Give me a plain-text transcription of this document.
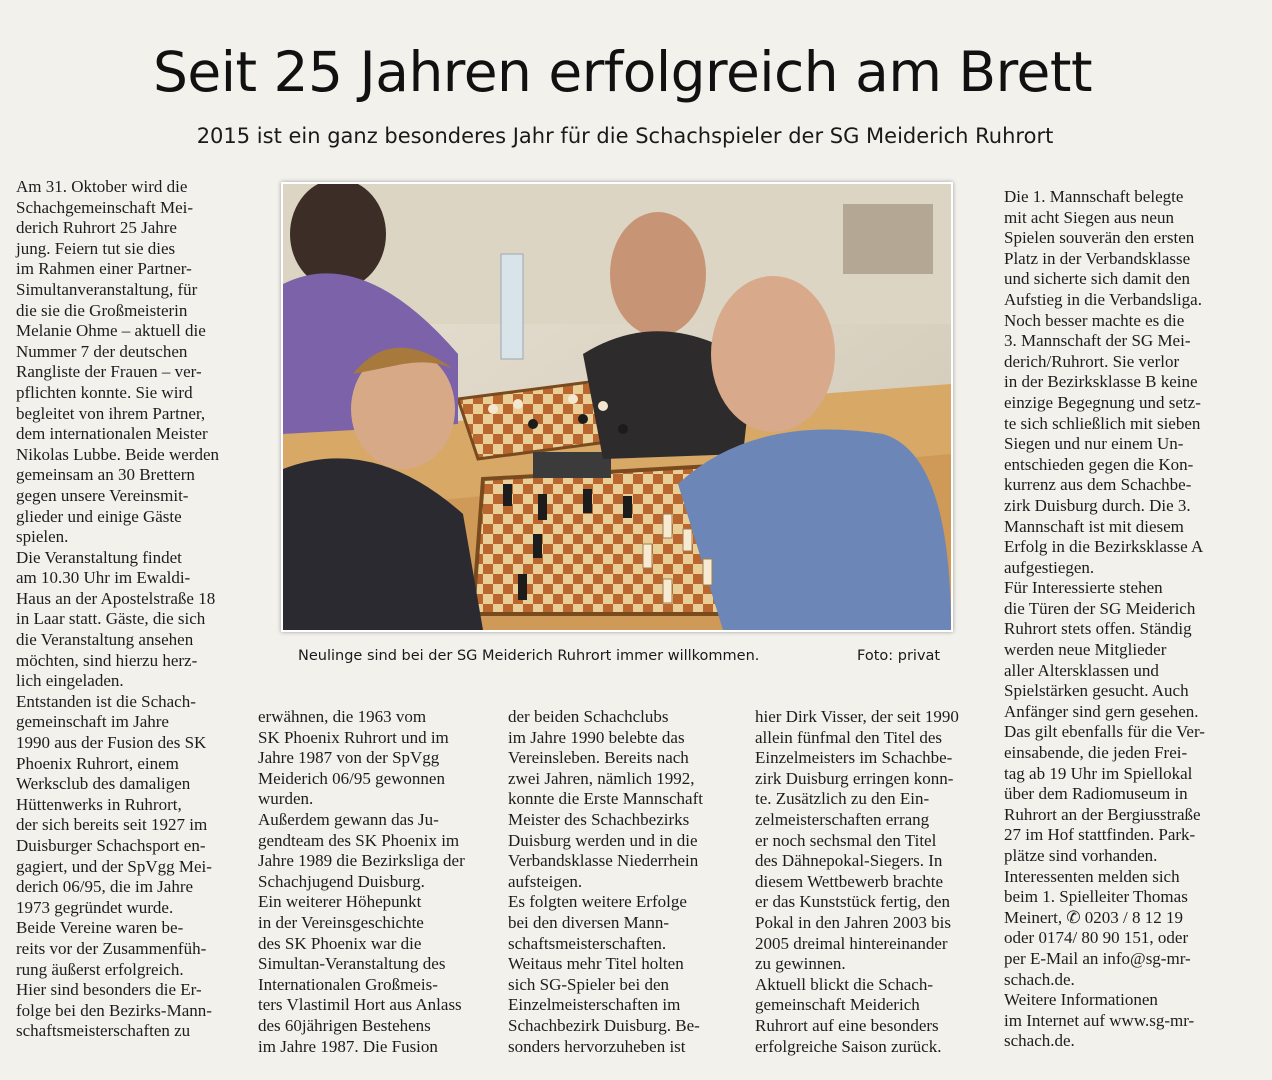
Seit 25 Jahren erfolgreich am Brett
2015 ist ein ganz besonderes Jahr für die Schachspieler der SG Meiderich Ruhrort

Am 31. Oktober wird die
Schachgemeinschaft Mei-
derich Ruhrort 25 Jahre
jung. Feiern tut sie dies
im Rahmen einer Partner-
Simultanveranstaltung, für
die sie die Großmeisterin
Melanie Ohme – aktuell die
Nummer 7 der deutschen
Rangliste der Frauen – ver-
pflichten konnte. Sie wird
begleitet von ihrem Partner,
dem internationalen Meister
Nikolas Lubbe. Beide werden
gemeinsam an 30 Brettern
gegen unsere Vereinsmit-
glieder und einige Gäste
spielen.
Die Veranstaltung findet
am 10.30 Uhr im Ewaldi-
Haus an der Apostelstraße 18
in Laar statt. Gäste, die sich
die Veranstaltung ansehen
möchten, sind hierzu herz-
lich eingeladen.
Entstanden ist die Schach-
gemeinschaft im Jahre
1990 aus der Fusion des SK
Phoenix Ruhrort, einem
Werksclub des damaligen
Hüttenwerks in Ruhrort,
der sich bereits seit 1927 im
Duisburger Schachsport en-
gagiert, und der SpVgg Mei-
derich 06/95, die im Jahre
1973 gegründet wurde.
Beide Vereine waren be-
reits vor der Zusammenfüh-
rung äußerst erfolgreich.
Hier sind besonders die Er-
folge bei den Bezirks-Mann-
schaftsmeisterschaften zu

Neulinge sind bei der SG Meiderich Ruhrort immer willkommen.	Foto: privat

erwähnen, die 1963 vom
SK Phoenix Ruhrort und im
Jahre 1987 von der SpVgg
Meiderich 06/95 gewonnen
wurden.
Außerdem gewann das Ju-
gendteam des SK Phoenix im
Jahre 1989 die Bezirksliga der
Schachjugend Duisburg.
Ein weiterer Höhepunkt
in der Vereinsgeschichte
des SK Phoenix war die
Simultan-Veranstaltung des
Internationalen Großmeis-
ters Vlastimil Hort aus Anlass
des 60jährigen Bestehens
im Jahre 1987. Die Fusion

der beiden Schachclubs
im Jahre 1990 belebte das
Vereinsleben. Bereits nach
zwei Jahren, nämlich 1992,
konnte die Erste Mannschaft
Meister des Schachbezirks
Duisburg werden und in die
Verbandsklasse Niederrhein
aufsteigen.
Es folgten weitere Erfolge
bei den diversen Mann-
schaftsmeisterschaften.
Weitaus mehr Titel holten
sich SG-Spieler bei den
Einzelmeisterschaften im
Schachbezirk Duisburg. Be-
sonders hervorzuheben ist

hier Dirk Visser, der seit 1990
allein fünfmal den Titel des
Einzelmeisters im Schachbe-
zirk Duisburg erringen konn-
te. Zusätzlich zu den Ein-
zelmeisterschaften errang
er noch sechsmal den Titel
des Dähnepokal-Siegers. In
diesem Wettbewerb brachte
er das Kunststück fertig, den
Pokal in den Jahren 2003 bis
2005 dreimal hintereinander
zu gewinnen.
Aktuell blickt die Schach-
gemeinschaft Meiderich
Ruhrort auf eine besonders
erfolgreiche Saison zurück.

Die 1. Mannschaft belegte
mit acht Siegen aus neun
Spielen souverän den ersten
Platz in der Verbandsklasse
und sicherte sich damit den
Aufstieg in die Verbandsliga.
Noch besser machte es die
3. Mannschaft der SG Mei-
derich/Ruhrort. Sie verlor
in der Bezirksklasse B keine
einzige Begegnung und setz-
te sich schließlich mit sieben
Siegen und nur einem Un-
entschieden gegen die Kon-
kurrenz aus dem Schachbe-
zirk Duisburg durch. Die 3.
Mannschaft ist mit diesem
Erfolg in die Bezirksklasse A
aufgestiegen.
Für Interessierte stehen
die Türen der SG Meiderich
Ruhrort stets offen. Ständig
werden neue Mitglieder
aller Altersklassen und
Spielstärken gesucht. Auch
Anfänger sind gern gesehen.
Das gilt ebenfalls für die Ver-
einsabende, die jeden Frei-
tag ab 19 Uhr im Spiellokal
über dem Radiomuseum in
Ruhrort an der Bergiusstraße
27 im Hof stattfinden. Park-
plätze sind vorhanden.
Interessenten melden sich
beim 1. Spielleiter Thomas
Meinert, ✆ 0203 / 8 12 19
oder 0174/ 80 90 151, oder
per E-Mail an info@sg-mr-
schach.de.
Weitere Informationen
im Internet auf www.sg-mr-
schach.de.
